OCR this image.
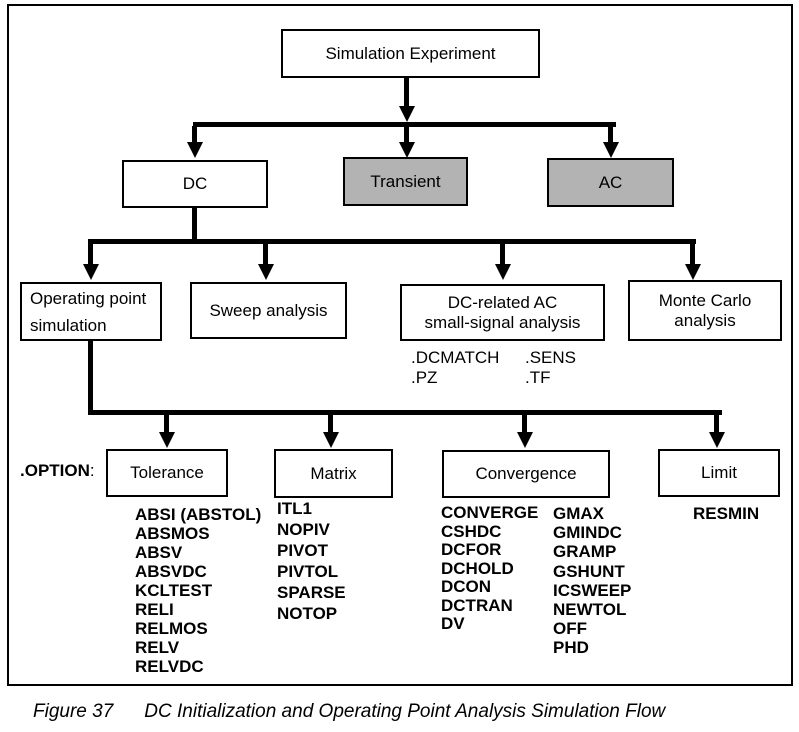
Simulation Experiment
DC	Transient	AC
Operating point
simulation
Sweep analysis	DC-related AC
small-signal analysis
Monte Carlo
analysis
.DCMATCH
.PZ
.SENS
.TF
.OPTION: Tolerance	Matrix	Convergence	Limit
ABSI (ABSTOL)
ABSMOS
ABSV
ABSVDC
KCLTEST
RELI
RELMOS
RELV
RELVDC
ITL1
NOPIV
PIVOT
PIVTOL
SPARSE
NOTOP
CONVERGE
CSHDC
DCFOR
DCHOLD
DCON
DCTRAN
DV
GMAX
GMINDC
GRAMP
GSHUNT
ICSWEEP
NEWTOL
OFF
PHD
RESMIN
Figure 37 DC Initialization and Operating Point Analysis Simulation Flow
